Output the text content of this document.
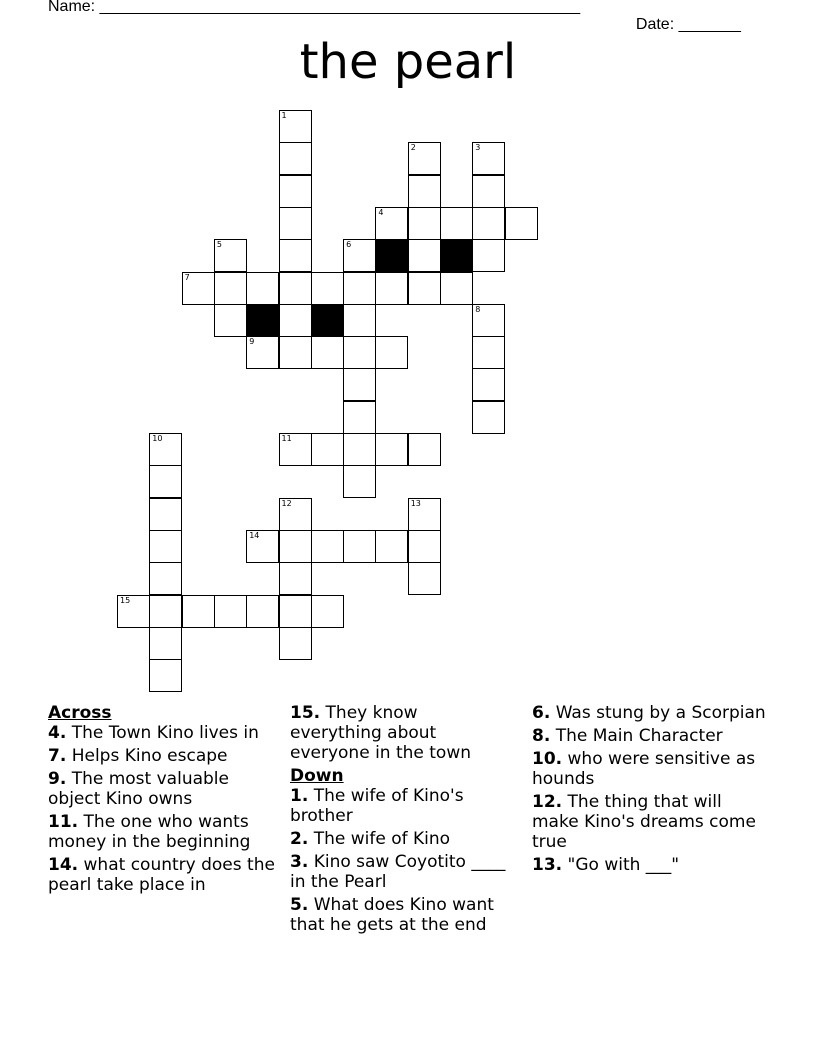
Name: ______________________________________________________

Date: _______

the pearl
1
2	3
4
5	6
7
8
9
10	11
12	13
14
15
Across
4. The Town Kino lives in
7. Helps Kino escape
9. The most valuable object Kino owns
11. The one who wants money in the beginning
14. what country does the pearl take place in
15. They know everything about everyone in the town
Down
1. The wife of Kino's brother
2. The wife of Kino
3. Kino saw Coyotito ____ in the Pearl
5. What does Kino want that he gets at the end
6. Was stung by a Scorpian
8. The Main Character
10. who were sensitive as hounds
12. The thing that will make Kino's dreams come true
13. "Go with ___"
